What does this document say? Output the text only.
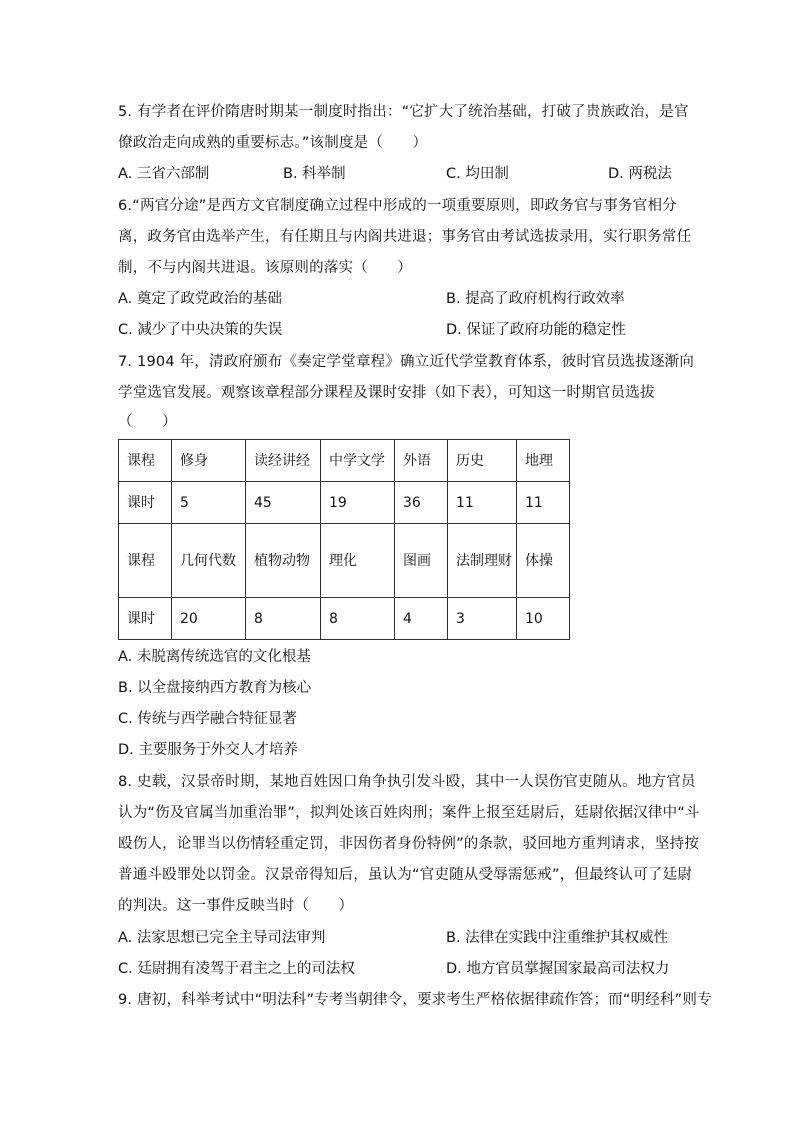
5. 有学者在评价隋唐时期某一制度时指出：“它扩大了统治基础，打破了贵族政治，是官
僚政治走向成熟的重要标志。”该制度是（　　）
A. 三省六部制	B. 科举制	C. 均田制	D. 两税法
6.“两官分途”是西方文官制度确立过程中形成的一项重要原则，即政务官与事务官相分
离，政务官由选举产生，有任期且与内阁共进退；事务官由考试选拔录用，实行职务常任
制，不与内阁共进退。该原则的落实（　　）
A. 奠定了政党政治的基础	B. 提高了政府机构行政效率
C. 减少了中央决策的失误	D. 保证了政府功能的稳定性
7. 1904 年，清政府颁布《奏定学堂章程》确立近代学堂教育体系，彼时官员选拔逐渐向
学堂选官发展。观察该章程部分课程及课时安排（如下表），可知这一时期官员选拔
（　　）
课程	修身	读经讲经	中学文学	外语	历史	地理
课时	5	45	19	36	11	11
课程	几何代数	植物动物	理化	图画	法制理财	体操
课时	20	8	8	4	3	10
A. 未脱离传统选官的文化根基
B. 以全盘接纳西方教育为核心
C. 传统与西学融合特征显著
D. 主要服务于外交人才培养
8. 史载，汉景帝时期，某地百姓因口角争执引发斗殴，其中一人误伤官吏随从。地方官员
认为“伤及官属当加重治罪”，拟判处该百姓肉刑；案件上报至廷尉后，廷尉依据汉律中“斗
殴伤人，论罪当以伤情轻重定罚，非因伤者身份特例”的条款，驳回地方重判请求，坚持按
普通斗殴罪处以罚金。汉景帝得知后，虽认为“官吏随从受辱需惩戒”，但最终认可了廷尉
的判决。这一事件反映当时（　　）
A. 法家思想已完全主导司法审判	B. 法律在实践中注重维护其权威性
C. 廷尉拥有凌驾于君主之上的司法权	D. 地方官员掌握国家最高司法权力
9. 唐初，科举考试中“明法科”专考当朝律令，要求考生严格依据律疏作答；而“明经科”则专
